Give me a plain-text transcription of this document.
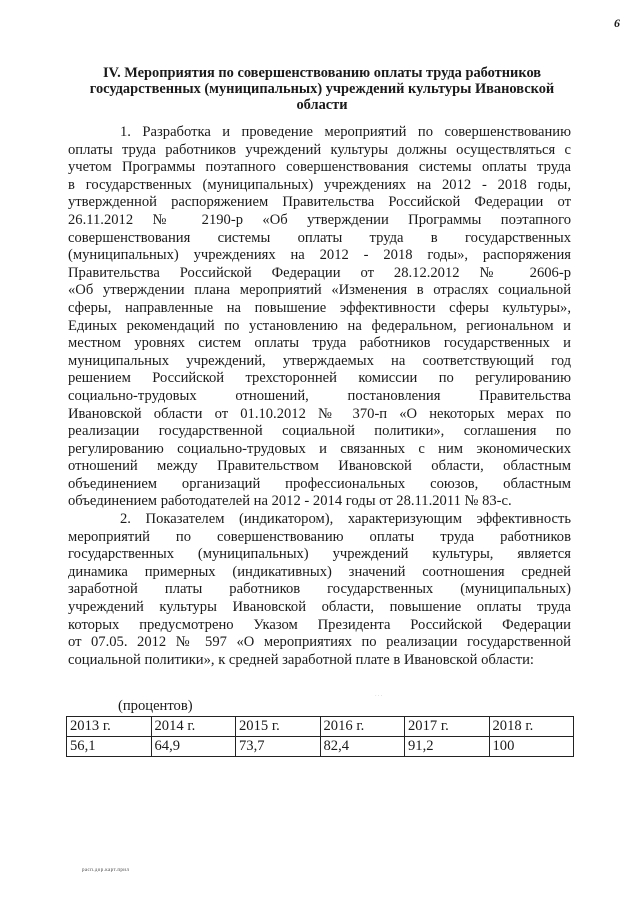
6
IV. Мероприятия по совершенствованию оплаты труда работников
государственных (муниципальных) учреждений культуры Ивановской
области

1. Разработка и проведение мероприятий по совершенствованию
оплаты труда работников учреждений культуры должны осуществляться с
учетом Программы поэтапного совершенствования системы оплаты труда
в государственных (муниципальных) учреждениях на 2012 - 2018 годы,
утвержденной распоряжением Правительства Российской Федерации от
26.11.2012 № 2190-р «Об утверждении Программы поэтапного
совершенствования системы оплаты труда в государственных
(муниципальных) учреждениях на 2012 - 2018 годы», распоряжения
Правительства Российской Федерации от 28.12.2012 № 2606-р
«Об утверждении плана мероприятий «Изменения в отраслях социальной
сферы, направленные на повышение эффективности сферы культуры»,
Единых рекомендаций по установлению на федеральном, региональном и
местном уровнях систем оплаты труда работников государственных и
муниципальных учреждений, утверждаемых на соответствующий год
решением Российской трехсторонней комиссии по регулированию
социально-трудовых отношений, постановления Правительства
Ивановской области от 01.10.2012 № 370-п «О некоторых мерах по
реализации государственной социальной политики», соглашения по
регулированию социально-трудовых и связанных с ним экономических
отношений между Правительством Ивановской области, областным
объединением организаций профессиональных союзов, областным
объединением работодателей на 2012 - 2014 годы от 28.11.2011 № 83-с.

2. Показателем (индикатором), характеризующим эффективность
мероприятий по совершенствованию оплаты труда работников
государственных (муниципальных) учреждений культуры, является
динамика примерных (индикативных) значений соотношения средней
заработной платы работников государственных (муниципальных)
учреждений культуры Ивановской области, повышение оплаты труда
которых предусмотрено Указом Президента Российской Федерации
от 07.05. 2012 № 597 «О мероприятиях по реализации государственной
социальной политики», к средней заработной плате в Ивановской области:

(процентов)
· · ·
2013 г.	2014 г.	2015 г.	2016 г.	2017 г.	2018 г.
56,1	64,9	73,7	82,4	91,2	100
расп.дор.карт.прил
